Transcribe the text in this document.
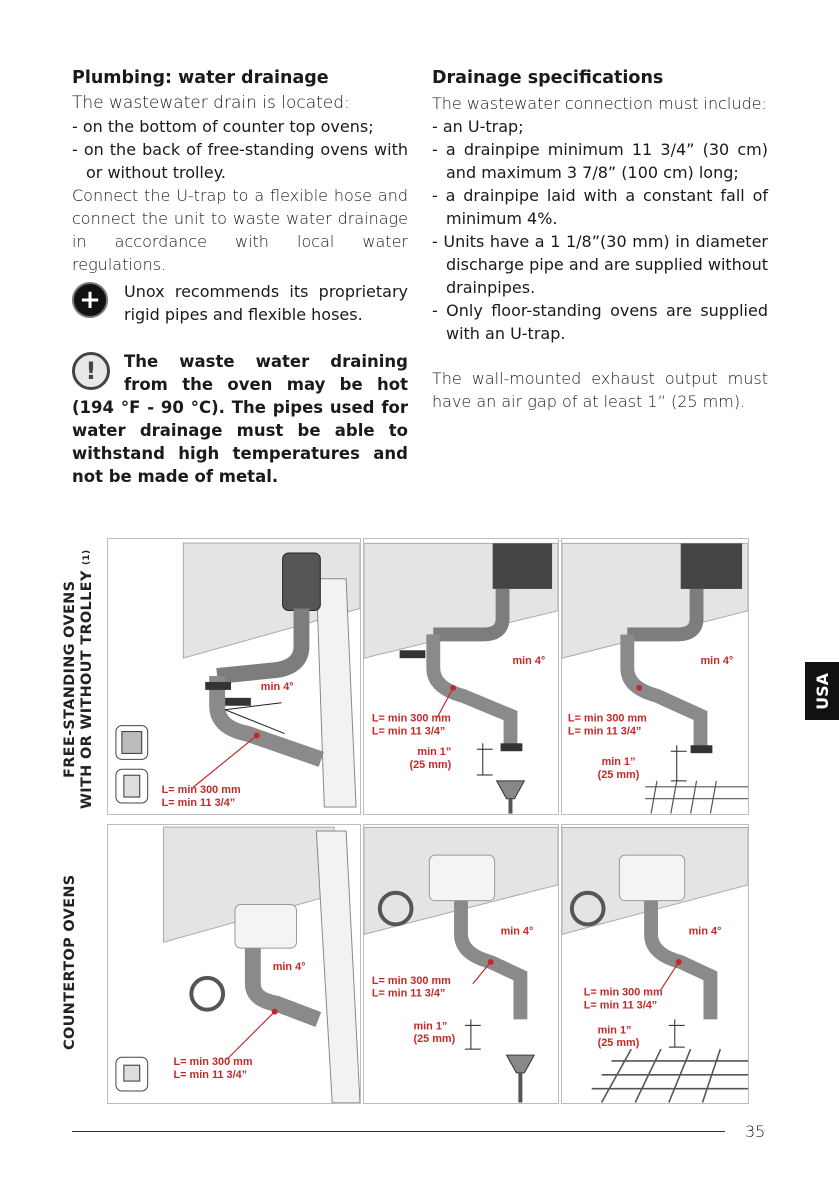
Plumbing: water drainage
The wastewater drain is located:
- on the bottom of counter top ovens;
- on the back of free-standing ovens with or without trolley.
Connect the U-trap to a flexible hose and connect the unit to waste water drainage in accordance with local water regulations.
+	Unox recommends its proprietary rigid pipes and flexible hoses.
!	The waste water draining from the oven may be hot (194 °F - 90 °C). The pipes used for water drainage must be able to withstand high temperatures and not be made of metal.
Drainage specifications
The wastewater connection must include:
- an U-trap;
- a drainpipe minimum 11 3/4” (30 cm) and maximum 3 7/8” (100 cm) long;
- a drainpipe laid with a constant fall of minimum 4%.
- Units have a 1 1/8”(30 mm) in diameter discharge pipe and are supplied without drainpipes.
- Only floor-standing ovens are supplied with an U-trap.
The wall-mounted exhaust output must have an air gap of at least 1” (25 mm).
FREE-STANDING OVENS WITH OR WITHOUT TROLLEY (1)
COUNTERTOP OVENS
min 4°
L= min 300 mm
L= min 11 3/4”
min 4°
L= min 300 mm
L= min 11 3/4”
min 1”
(25 mm)
min 4°
L= min 300 mm
L= min 11 3/4”
min 1”
(25 mm)
min 4°
L= min 300 mm
L= min 11 3/4”
min 4°
L= min 300 mm
L= min 11 3/4”
min 1”
(25 mm)
min 4°
L= min 300 mm
L= min 11 3/4”
min 1”
(25 mm)
USA
35
